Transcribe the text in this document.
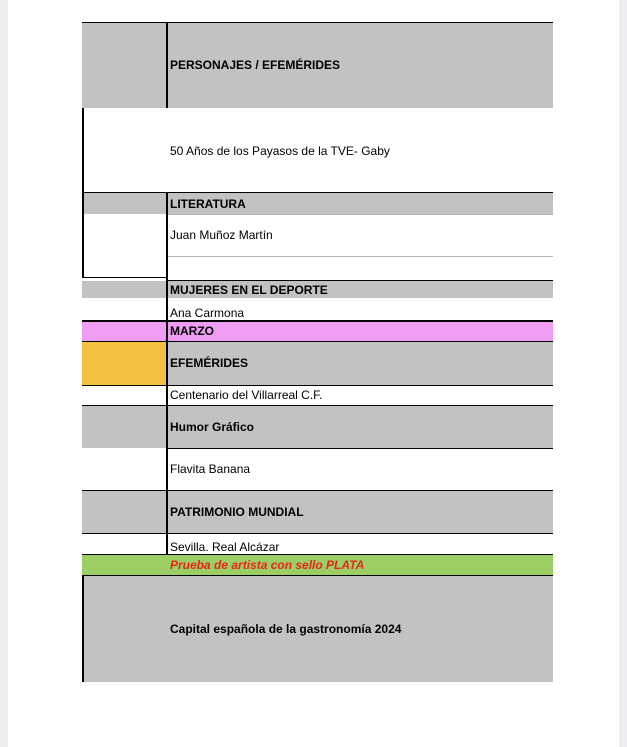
PERSONAJES / EFEMÉRIDES
50 Años de los Payasos de la TVE- Gaby
LITERATURA
Juan Muñoz Martín
MUJERES EN EL DEPORTE
Ana Carmona
MARZO
EFEMÉRIDES
Centenario del Villarreal C.F.
Humor Gráfico
Flavita Banana
PATRIMONIO MUNDIAL
Sevilla. Real Alcázar
Prueba de artista con sello PLATA
Capital española de la gastronomía 2024
